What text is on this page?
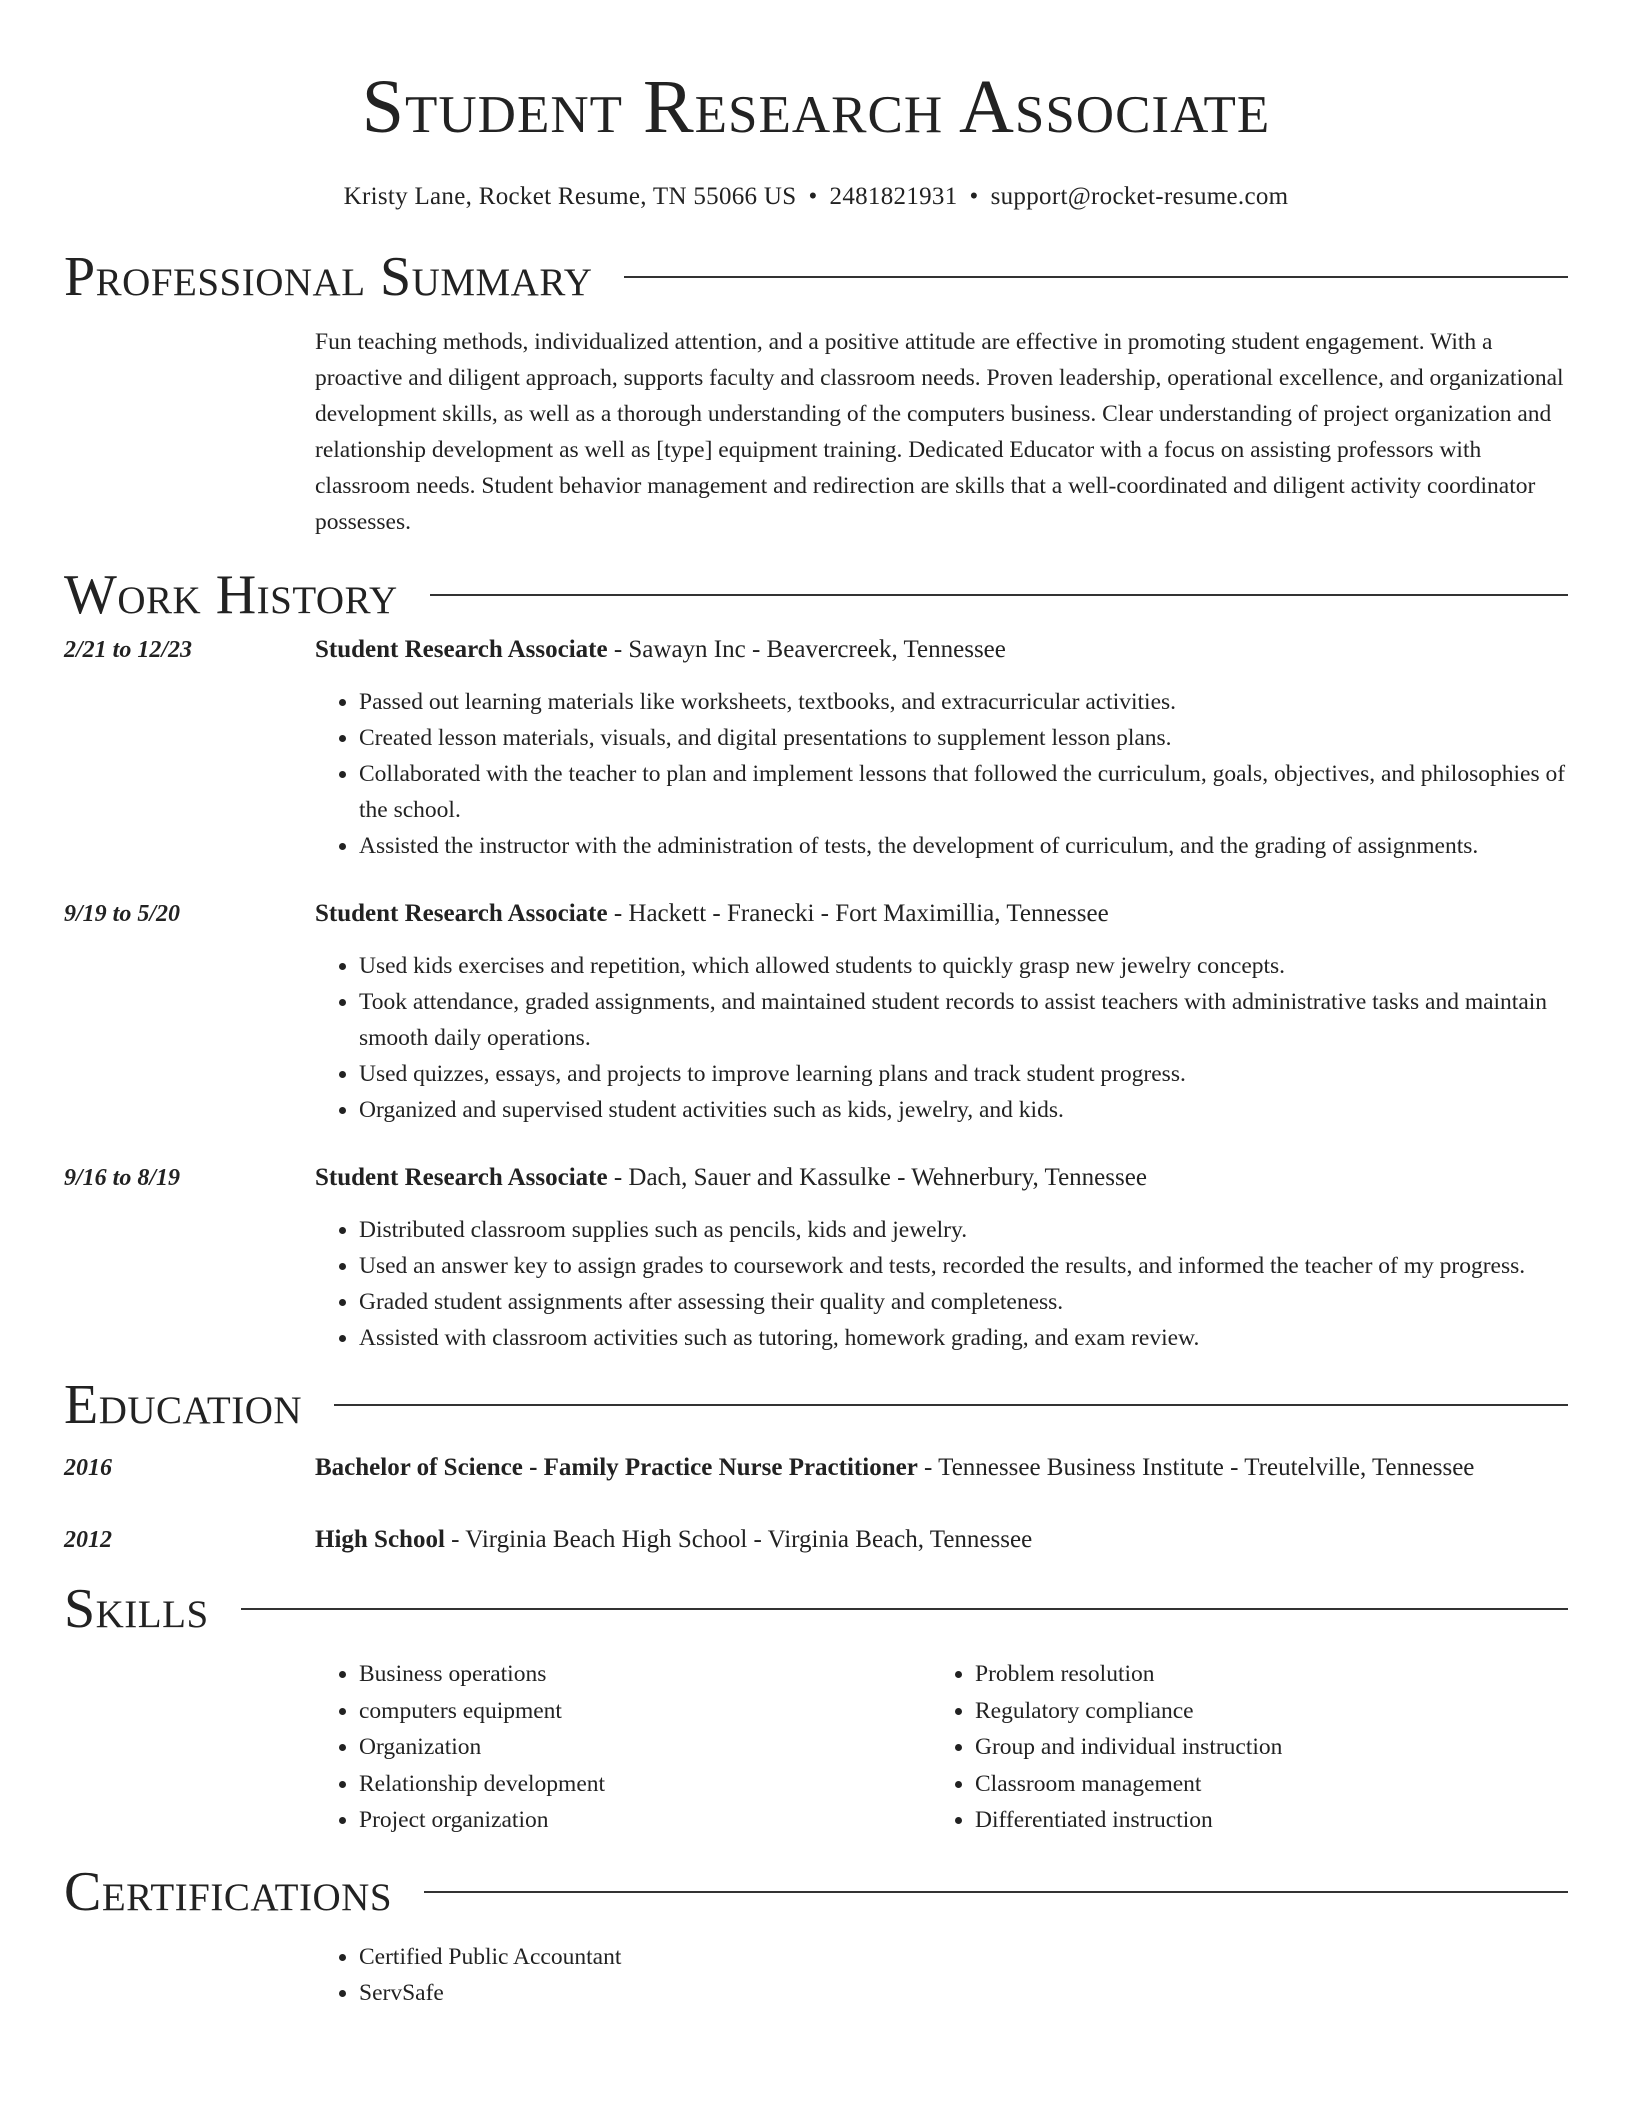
Student Research Associate
Kristy Lane, Rocket Resume, TN 55066 US • 2481821931 • support@rocket-resume.com
Professional Summary
Fun teaching methods, individualized attention, and a positive attitude are effective in promoting student engagement. With a proactive and diligent approach, supports faculty and classroom needs. Proven leadership, operational excellence, and organizational development skills, as well as a thorough understanding of the computers business. Clear understanding of project organization and relationship development as well as [type] equipment training. Dedicated Educator with a focus on assisting professors with classroom needs. Student behavior management and redirection are skills that a well-coordinated and diligent activity coordinator possesses.
Work History
2/21 to 12/23	Student Research Associate - Sawayn Inc - Beavercreek, Tennessee
• Passed out learning materials like worksheets, textbooks, and extracurricular activities.
• Created lesson materials, visuals, and digital presentations to supplement lesson plans.
• Collaborated with the teacher to plan and implement lessons that followed the curriculum, goals, objectives, and philosophies of the school.
• Assisted the instructor with the administration of tests, the development of curriculum, and the grading of assignments.
9/19 to 5/20	Student Research Associate - Hackett - Franecki - Fort Maximillia, Tennessee
• Used kids exercises and repetition, which allowed students to quickly grasp new jewelry concepts.
• Took attendance, graded assignments, and maintained student records to assist teachers with administrative tasks and maintain smooth daily operations.
• Used quizzes, essays, and projects to improve learning plans and track student progress.
• Organized and supervised student activities such as kids, jewelry, and kids.
9/16 to 8/19	Student Research Associate - Dach, Sauer and Kassulke - Wehnerbury, Tennessee
• Distributed classroom supplies such as pencils, kids and jewelry.
• Used an answer key to assign grades to coursework and tests, recorded the results, and informed the teacher of my progress.
• Graded student assignments after assessing their quality and completeness.
• Assisted with classroom activities such as tutoring, homework grading, and exam review.
Education
2016	Bachelor of Science - Family Practice Nurse Practitioner - Tennessee Business Institute - Treutelville, Tennessee
2012	High School - Virginia Beach High School - Virginia Beach, Tennessee
Skills
• Business operations
• computers equipment
• Organization
• Relationship development
• Project organization
• Problem resolution
• Regulatory compliance
• Group and individual instruction
• Classroom management
• Differentiated instruction
Certifications
• Certified Public Accountant
• ServSafe
